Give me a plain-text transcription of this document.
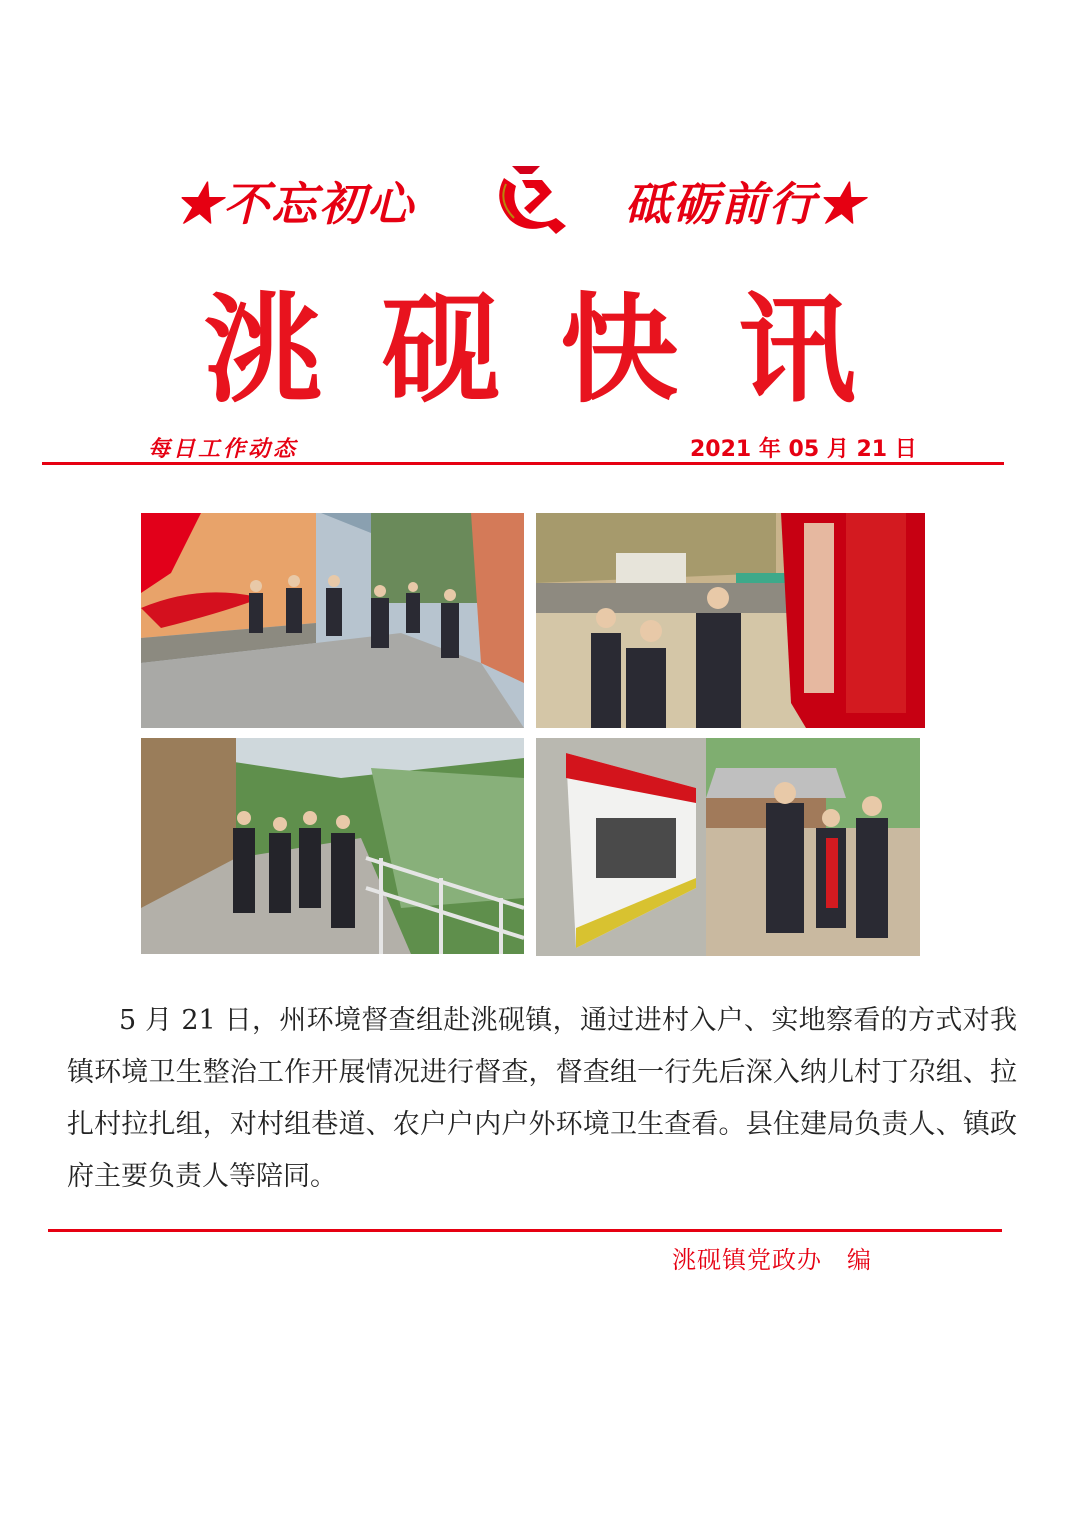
★不忘初心	砥砺前行★
洮砚快讯
每日工作动态	2021 年 05 月 21 日

5 月 21 日，州环境督查组赴洮砚镇，通过进村入户、实地察看的方式对我镇环境卫生整治工作开展情况进行督查，督查组一行先后深入纳儿村丁尕组、拉扎村拉扎组，对村组巷道、农户户内户外环境卫生查看。县住建局负责人、镇政府主要负责人等陪同。

洮砚镇党政办　编
